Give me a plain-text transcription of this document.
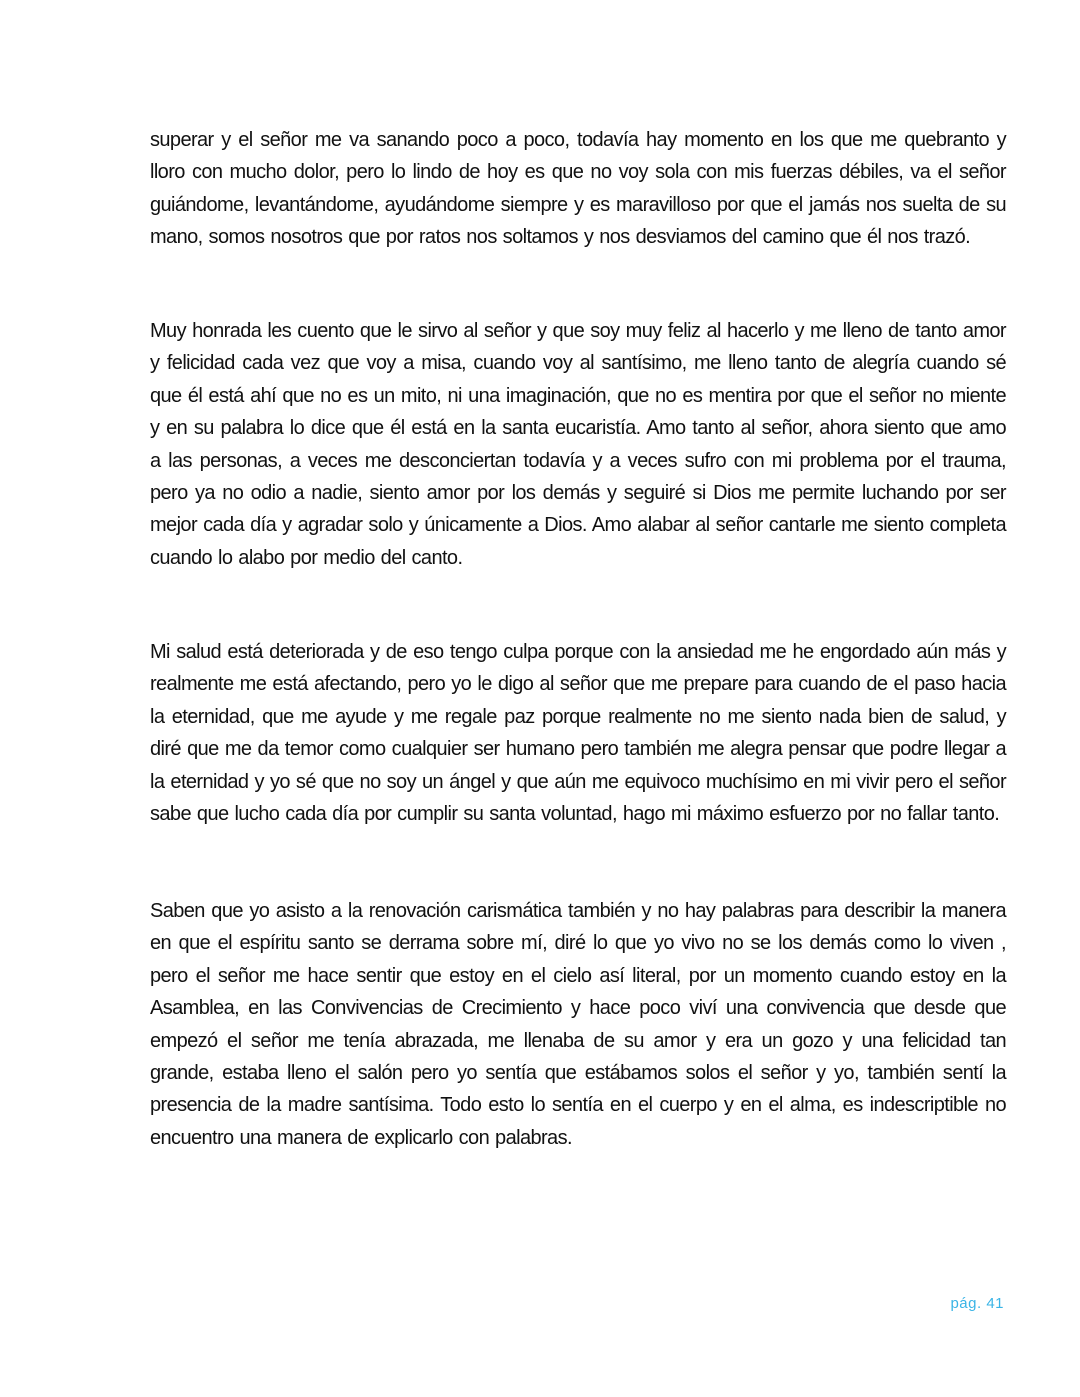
superar y el señor me va sanando poco a poco, todavía hay momento en los que me quebranto y lloro con mucho dolor, pero lo lindo de hoy es que no voy sola con mis fuerzas débiles, va el señor guiándome, levantándome, ayudándome siempre y es maravilloso por que el jamás nos suelta de su mano, somos nosotros que por ratos nos soltamos y nos desviamos del camino que él nos trazó.

Muy honrada les cuento que le sirvo al señor y que soy muy feliz al hacerlo y me lleno de tanto amor y felicidad cada vez que voy a misa, cuando voy al santísimo, me lleno tanto de alegría cuando sé que él está ahí que no es un mito, ni una imaginación, que no es mentira por que el señor no miente y en su palabra lo dice que él está en la santa eucaristía. Amo tanto al señor, ahora siento que amo a las personas, a veces me desconciertan todavía y a veces sufro con mi problema por el trauma, pero ya no odio a nadie, siento amor por los demás y seguiré si Dios me permite luchando por ser mejor cada día y agradar solo y únicamente a Dios. Amo alabar al señor cantarle me siento completa cuando lo alabo por medio del canto.

Mi salud está deteriorada y de eso tengo culpa porque con la ansiedad me he engordado aún más y realmente me está afectando, pero yo le digo al señor que me prepare para cuando de el paso hacia la eternidad, que me ayude y me regale paz porque realmente no me siento nada bien de salud, y diré que me da temor como cualquier ser humano pero también me alegra pensar que podre llegar a la eternidad y yo sé que no soy un ángel y que aún me equivoco muchísimo en mi vivir pero el señor sabe que lucho cada día por cumplir su santa voluntad, hago mi máximo esfuerzo por no fallar tanto.

Saben que yo asisto a la renovación carismática también y no hay palabras para describir la manera en que el espíritu santo se derrama sobre mí, diré lo que yo vivo no se los demás como lo viven , pero el señor me hace sentir que estoy en el cielo así literal, por un momento cuando estoy en la Asamblea, en las Convivencias de Crecimiento y hace poco viví una convivencia que desde que empezó el señor me tenía abrazada, me llenaba de su amor y era un gozo y una felicidad tan grande, estaba lleno el salón pero yo sentía que estábamos solos el señor y yo, también sentí la presencia de la madre santísima. Todo esto lo sentía en el cuerpo y en el alma, es indescriptible no encuentro una manera de explicarlo con palabras.

pág. 41
